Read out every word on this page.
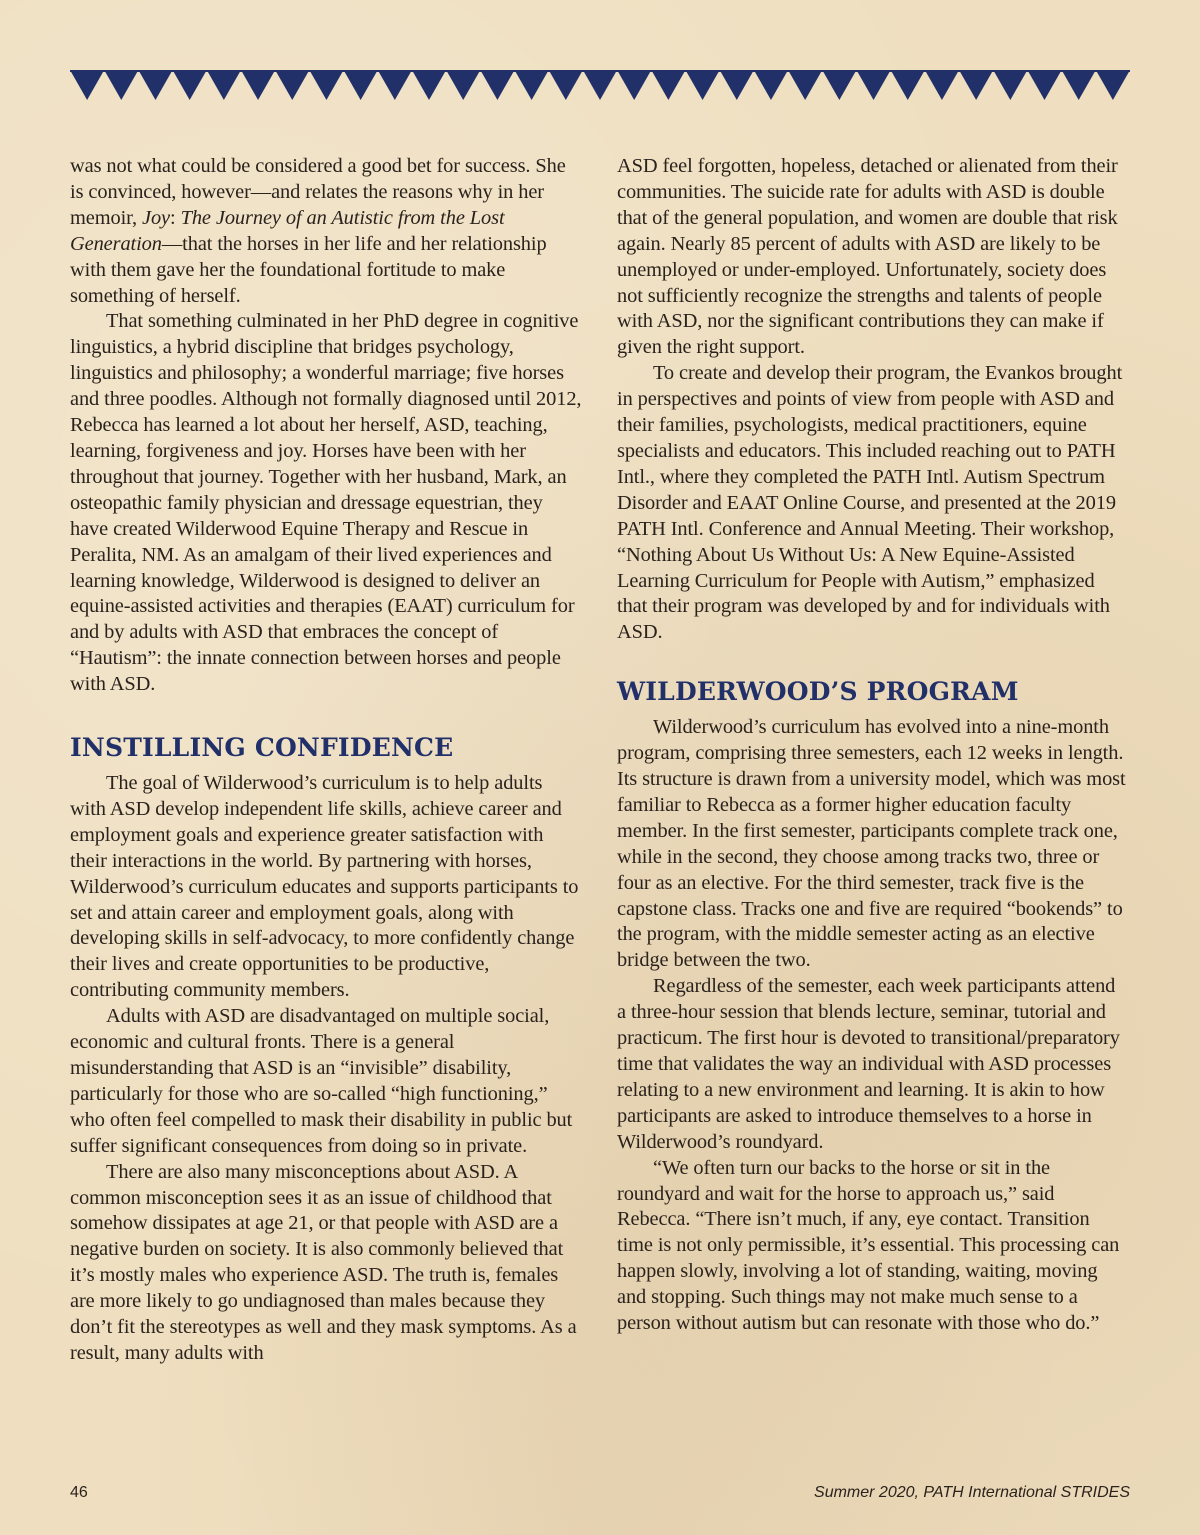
was not what could be considered a good bet for success. She is convinced, however—and relates the reasons why in her memoir, Joy: The Journey of an Autistic from the Lost Generation—that the horses in her life and her relationship with them gave her the foundational fortitude to make something of herself.

That something culminated in her PhD degree in cognitive linguistics, a hybrid discipline that bridges psychology, linguistics and philosophy; a wonderful marriage; five horses and three poodles. Although not formally diagnosed until 2012, Rebecca has learned a lot about her herself, ASD, teaching, learning, forgiveness and joy. Horses have been with her throughout that journey. Together with her husband, Mark, an osteopathic family physician and dressage equestrian, they have created Wilderwood Equine Therapy and Rescue in Peralita, NM. As an amalgam of their lived experiences and learning knowledge, Wilderwood is designed to deliver an equine-assisted activities and therapies (EAAT) curriculum for and by adults with ASD that embraces the concept of “Hautism”: the innate connection between horses and people with ASD.

INSTILLING CONFIDENCE

The goal of Wilderwood’s curriculum is to help adults with ASD develop independent life skills, achieve career and employment goals and experience greater satisfaction with their interactions in the world. By partnering with horses, Wilderwood’s curriculum educates and supports participants to set and attain career and employment goals, along with developing skills in self-advocacy, to more confidently change their lives and create opportunities to be productive, contributing community members.

Adults with ASD are disadvantaged on multiple social, economic and cultural fronts. There is a general misunderstanding that ASD is an “invisible” disability, particularly for those who are so-called “high functioning,” who often feel compelled to mask their disability in public but suffer significant consequences from doing so in private.

There are also many misconceptions about ASD. A common misconception sees it as an issue of childhood that somehow dissipates at age 21, or that people with ASD are a negative burden on society. It is also commonly believed that it’s mostly males who experience ASD. The truth is, females are more likely to go undiagnosed than males because they don’t fit the stereotypes as well and they mask symptoms. As a result, many adults with

ASD feel forgotten, hopeless, detached or alienated from their communities. The suicide rate for adults with ASD is double that of the general population, and women are double that risk again. Nearly 85 percent of adults with ASD are likely to be unemployed or under-employed. Unfortunately, society does not sufficiently recognize the strengths and talents of people with ASD, nor the significant contributions they can make if given the right support.

To create and develop their program, the Evankos brought in perspectives and points of view from people with ASD and their families, psychologists, medical practitioners, equine specialists and educators. This included reaching out to PATH Intl., where they completed the PATH Intl. Autism Spectrum Disorder and EAAT Online Course, and presented at the 2019 PATH Intl. Conference and Annual Meeting. Their workshop, “Nothing About Us Without Us: A New Equine-Assisted Learning Curriculum for People with Autism,” emphasized that their program was developed by and for individuals with ASD.

WILDERWOOD’S PROGRAM

Wilderwood’s curriculum has evolved into a nine-month program, comprising three semesters, each 12 weeks in length. Its structure is drawn from a university model, which was most familiar to Rebecca as a former higher education faculty member. In the first semester, participants complete track one, while in the second, they choose among tracks two, three or four as an elective. For the third semester, track five is the capstone class. Tracks one and five are required “bookends” to the program, with the middle semester acting as an elective bridge between the two.

Regardless of the semester, each week participants attend a three-hour session that blends lecture, seminar, tutorial and practicum. The first hour is devoted to transitional/preparatory time that validates the way an individual with ASD processes relating to a new environment and learning. It is akin to how participants are asked to introduce themselves to a horse in Wilderwood’s roundyard.

“We often turn our backs to the horse or sit in the roundyard and wait for the horse to approach us,” said Rebecca. “There isn’t much, if any, eye contact. Transition time is not only permissible, it’s essential. This processing can happen slowly, involving a lot of standing, waiting, moving and stopping. Such things may not make much sense to a person without autism but can resonate with those who do.”

46	Summer 2020, PATH International STRIDES
